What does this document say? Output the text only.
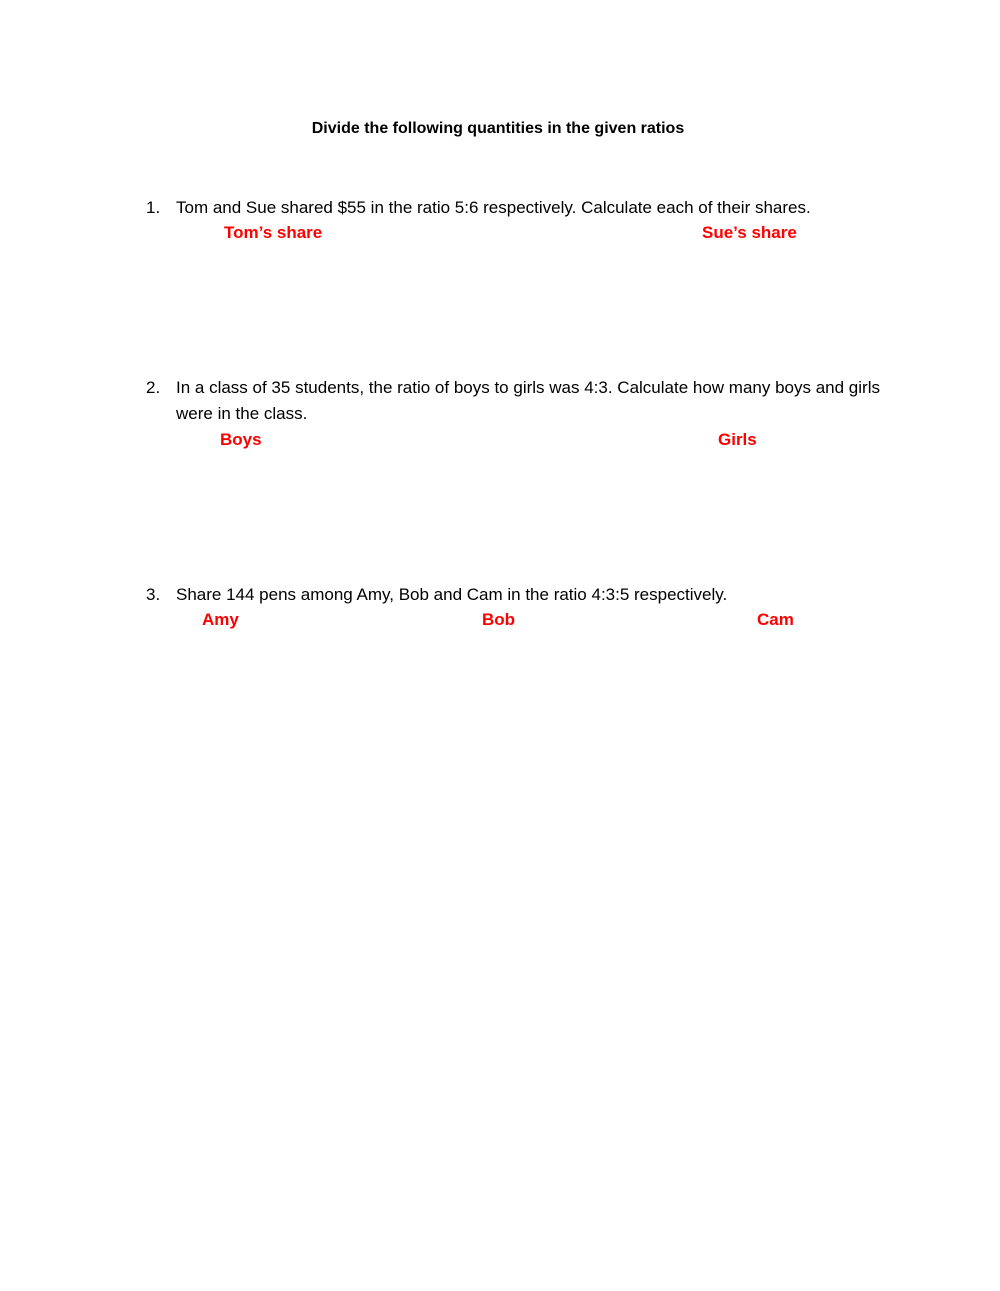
Divide the following quantities in the given ratios
1. Tom and Sue shared $55 in the ratio 5:6 respectively. Calculate each of their shares.
Tom’s share	Sue’s share
2. In a class of 35 students, the ratio of boys to girls was 4:3. Calculate how many boys and girls were in the class.
Boys	Girls
3. Share 144 pens among Amy, Bob and Cam in the ratio 4:3:5 respectively.
Amy	Bob	Cam
